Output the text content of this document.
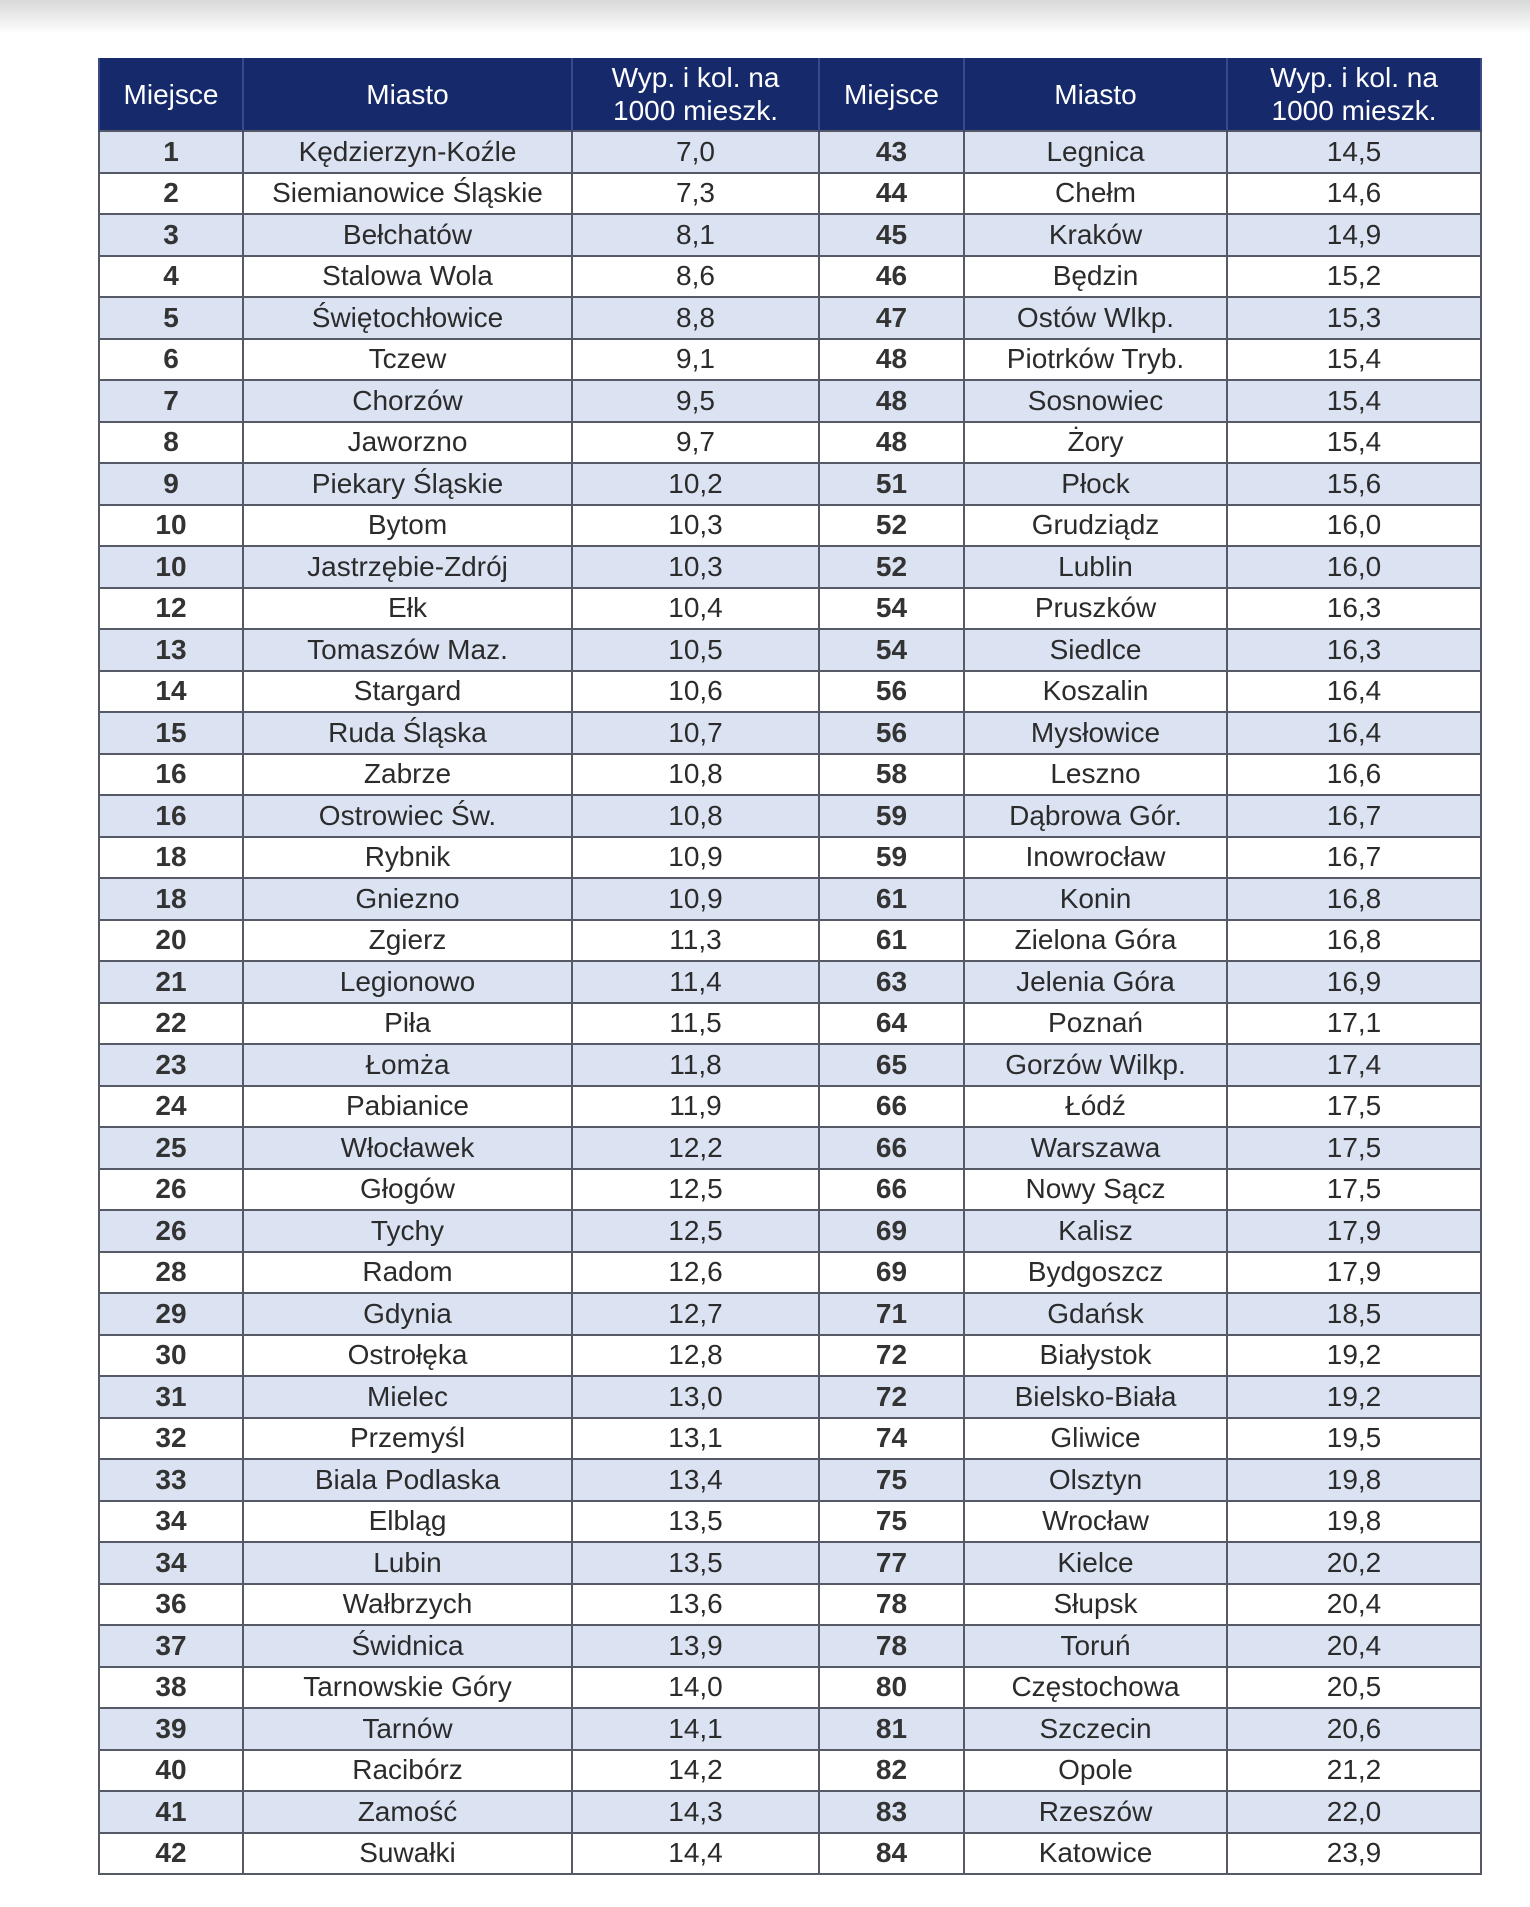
Miejsce	Miasto	Wyp. i kol. na
1000 mieszk.	Miejsce	Miasto	Wyp. i kol. na
1000 mieszk.
1	Kędzierzyn-Koźle	7,0	43	Legnica	14,5
2	Siemianowice Śląskie	7,3	44	Chełm	14,6
3	Bełchatów	8,1	45	Kraków	14,9
4	Stalowa Wola	8,6	46	Będzin	15,2
5	Świętochłowice	8,8	47	Ostów Wlkp.	15,3
6	Tczew	9,1	48	Piotrków Tryb.	15,4
7	Chorzów	9,5	48	Sosnowiec	15,4
8	Jaworzno	9,7	48	Żory	15,4
9	Piekary Śląskie	10,2	51	Płock	15,6
10	Bytom	10,3	52	Grudziądz	16,0
10	Jastrzębie-Zdrój	10,3	52	Lublin	16,0
12	Ełk	10,4	54	Pruszków	16,3
13	Tomaszów Maz.	10,5	54	Siedlce	16,3
14	Stargard	10,6	56	Koszalin	16,4
15	Ruda Śląska	10,7	56	Mysłowice	16,4
16	Zabrze	10,8	58	Leszno	16,6
16	Ostrowiec Św.	10,8	59	Dąbrowa Gór.	16,7
18	Rybnik	10,9	59	Inowrocław	16,7
18	Gniezno	10,9	61	Konin	16,8
20	Zgierz	11,3	61	Zielona Góra	16,8
21	Legionowo	11,4	63	Jelenia Góra	16,9
22	Piła	11,5	64	Poznań	17,1
23	Łomża	11,8	65	Gorzów Wilkp.	17,4
24	Pabianice	11,9	66	Łódź	17,5
25	Włocławek	12,2	66	Warszawa	17,5
26	Głogów	12,5	66	Nowy Sącz	17,5
26	Tychy	12,5	69	Kalisz	17,9
28	Radom	12,6	69	Bydgoszcz	17,9
29	Gdynia	12,7	71	Gdańsk	18,5
30	Ostrołęka	12,8	72	Białystok	19,2
31	Mielec	13,0	72	Bielsko-Biała	19,2
32	Przemyśl	13,1	74	Gliwice	19,5
33	Biala Podlaska	13,4	75	Olsztyn	19,8
34	Elbląg	13,5	75	Wrocław	19,8
34	Lubin	13,5	77	Kielce	20,2
36	Wałbrzych	13,6	78	Słupsk	20,4
37	Świdnica	13,9	78	Toruń	20,4
38	Tarnowskie Góry	14,0	80	Częstochowa	20,5
39	Tarnów	14,1	81	Szczecin	20,6
40	Racibórz	14,2	82	Opole	21,2
41	Zamość	14,3	83	Rzeszów	22,0
42	Suwałki	14,4	84	Katowice	23,9
